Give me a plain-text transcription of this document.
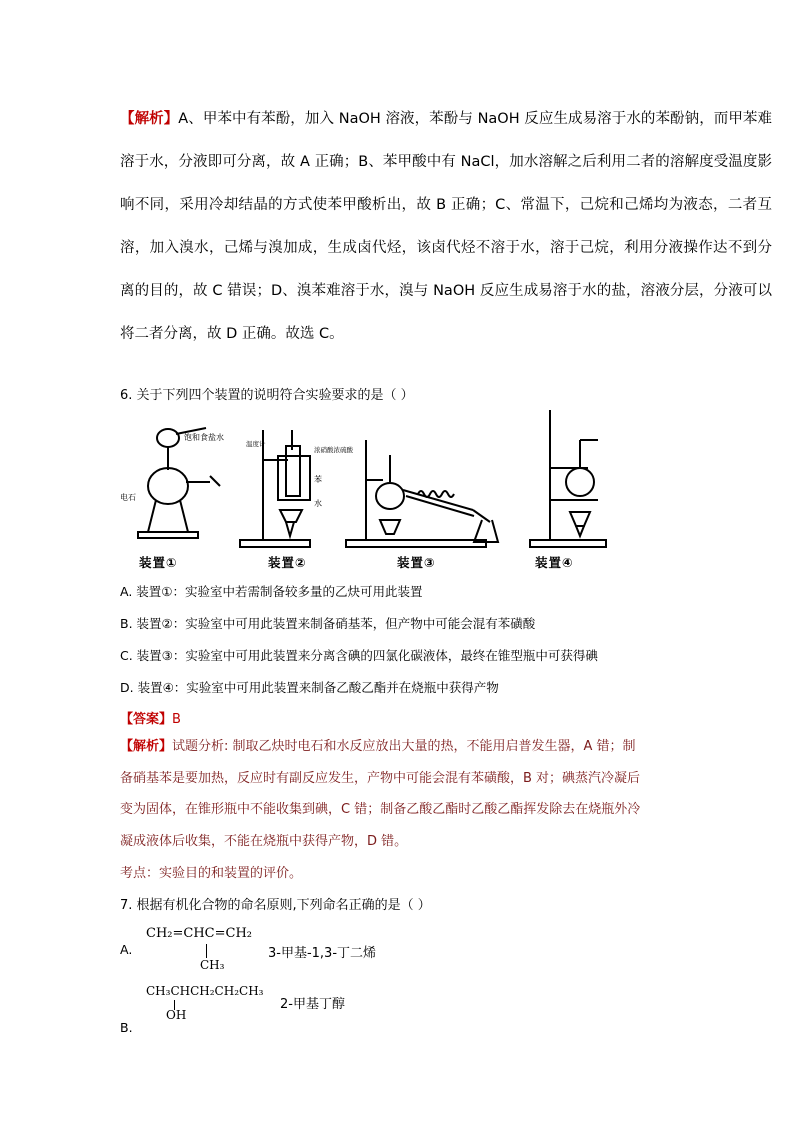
【解析】A、甲苯中有苯酚，加入 NaOH 溶液，苯酚与 NaOH 反应生成易溶于水的苯酚钠，而甲苯难溶于水，分液即可分离，故 A 正确；B、苯甲酸中有 NaCl，加水溶解之后利用二者的溶解度受温度影响不同，采用冷却结晶的方式使苯甲酸析出，故 B 正确；C、常温下，己烷和己烯均为液态，二者互溶，加入溴水，己烯与溴加成，生成卤代烃，该卤代烃不溶于水，溶于己烷，利用分液操作达不到分离的目的，故 C 错误；D、溴苯难溶于水，溴与 NaOH 反应生成易溶于水的盐，溶液分层，分液可以将二者分离，故 D 正确。故选 C。
6. 关于下列四个装置的说明符合实验要求的是（ ）
饱和食盐水
电石
浓硝酸浓硫酸
苯
水
温度计
装置①	装置②	装置③	装置④
A. 装置①：实验室中若需制备较多量的乙炔可用此装置
B. 装置②：实验室中可用此装置来制备硝基苯，但产物中可能会混有苯磺酸
C. 装置③：实验室中可用此装置来分离含碘的四氯化碳液体，最终在锥型瓶中可获得碘
D. 装置④：实验室中可用此装置来制备乙酸乙酯并在烧瓶中获得产物
【答案】B
【解析】试题分析: 制取乙炔时电石和水反应放出大量的热，不能用启普发生器，A 错；制
备硝基苯是要加热，反应时有副反应发生，产物中可能会混有苯磺酸，B 对；碘蒸汽冷凝后
变为固体，在锥形瓶中不能收集到碘，C 错；制备乙酸乙酯时乙酸乙酯挥发除去在烧瓶外冷
凝成液体后收集，不能在烧瓶中获得产物，D 错。
考点：实验目的和装置的评价。
7. 根据有机化合物的命名原则,下列命名正确的是（ ）
A.
CH₂=CHC=CH₂
CH₃
3-甲基-1,3-丁二烯
B.
CH₃CHCH₂CH₂CH₃
OH
2-甲基丁醇
